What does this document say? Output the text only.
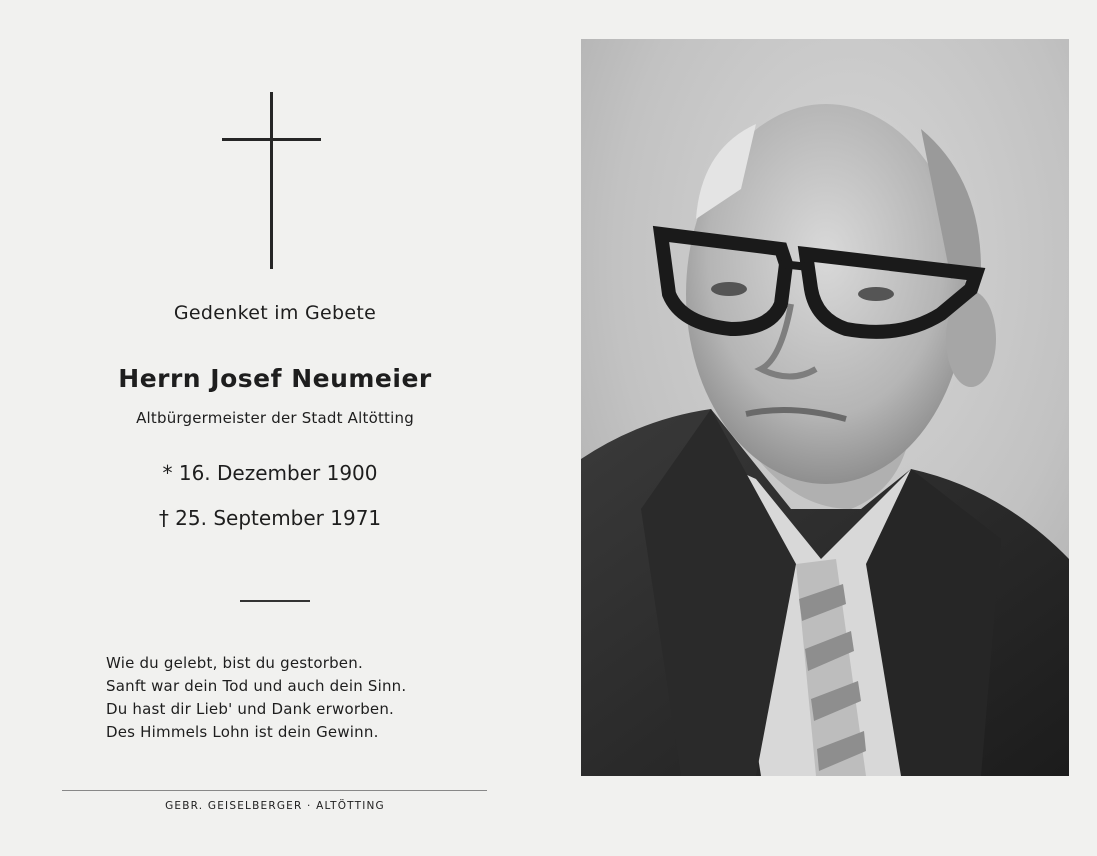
Gedenket im Gebete
Herrn Josef Neumeier
Altbürgermeister der Stadt Altötting
* 16. Dezember 1900
† 25. September 1971
Wie du gelebt, bist du gestorben.
Sanft war dein Tod und auch dein Sinn.
Du hast dir Lieb' und Dank erworben.
Des Himmels Lohn ist dein Gewinn.
GEBR. GEISELBERGER · ALTÖTTING
